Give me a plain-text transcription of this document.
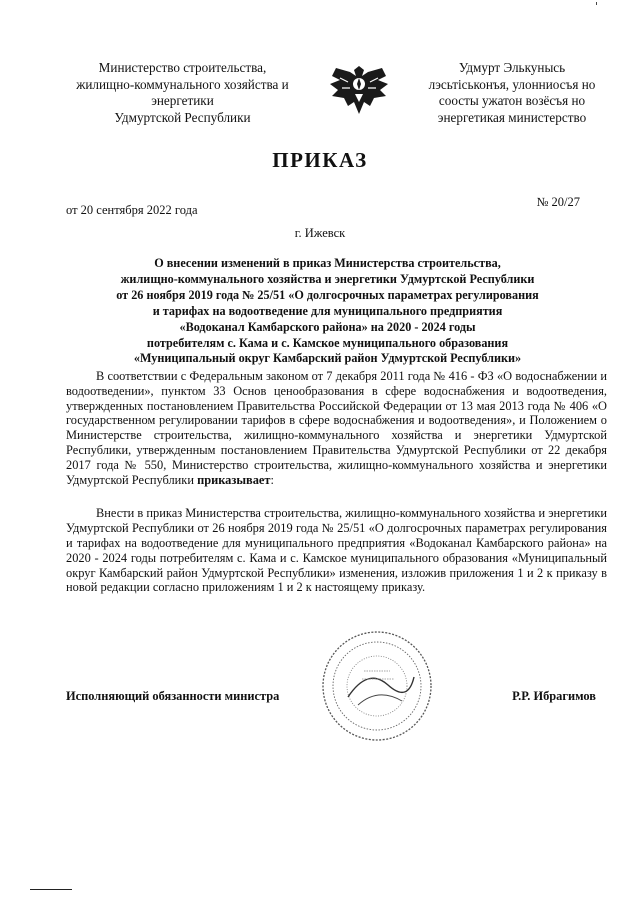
Министерство строительства,
жилищно-коммунального хозяйства и
энергетики
Удмуртской Республики
Удмурт Элькунысь
лэсьтiськонъя, улонниосъя но
соосты ужатон возёсъя но
энергетикая министерство
ПРИКАЗ
от 20 сентября 2022 года
№ 20/27
г. Ижевск
О внесении изменений в приказ Министерства строительства,
жилищно-коммунального хозяйства и энергетики Удмуртской Республики
от 26 ноября 2019 года № 25/51 «О долгосрочных параметрах регулирования
и тарифах на водоотведение для муниципального предприятия
«Водоканал Камбарского района» на 2020 - 2024 годы
потребителям с. Кама и с. Камское муниципального образования
«Муниципальный округ Камбарский район Удмуртской Республики»

В соответствии с Федеральным законом от 7 декабря 2011 года № 416 - ФЗ «О водоснабжении и водоотведении», пунктом 33 Основ ценообразования в сфере водоснабжения и водоотведения, утвержденных постановлением Правительства Российской Федерации от 13 мая 2013 года № 406 «О государственном регулировании тарифов в сфере водоснабжения и водоотведения», и Положением о Министерстве строительства, жилищно-коммунального хозяйства и энергетики Удмуртской Республики, утвержденным постановлением Правительства Удмуртской Республики от 22 декабря 2017 года № 550, Министерство строительства, жилищно-коммунального хозяйства и энергетики Удмуртской Республики приказывает:

Внести в приказ Министерства строительства, жилищно-коммунального хозяйства и энергетики Удмуртской Республики от 26 ноября 2019 года № 25/51 «О долгосрочных параметрах регулирования и тарифах на водоотведение для муниципального предприятия «Водоканал Камбарского района» на 2020 - 2024 годы потребителям с. Кама и с. Камское муниципального образования «Муниципальный округ Камбарский район Удмуртской Республики» изменения, изложив приложения 1 и 2 к приказу в новой редакции согласно приложениям 1 и 2 к настоящему приказу.

Исполняющий обязанности министра	Р.Р. Ибрагимов
